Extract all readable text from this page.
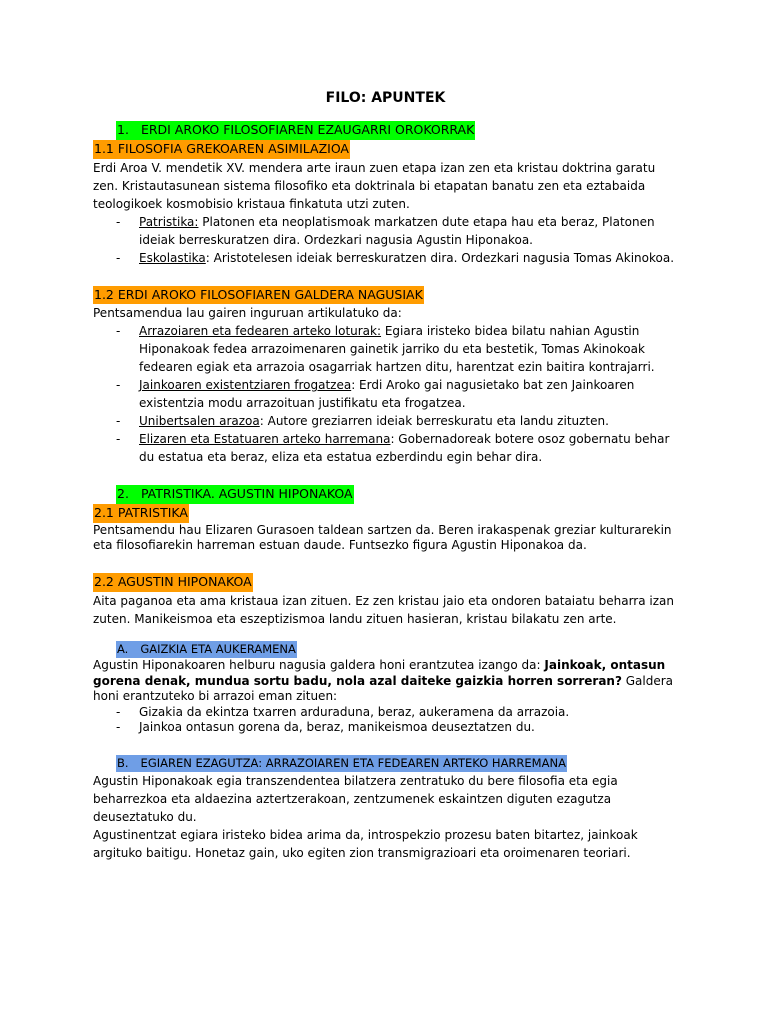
FILO: APUNTEK
1. ERDI AROKO FILOSOFIAREN EZAUGARRI OROKORRAK
1.1 FILOSOFIA GREKOAREN ASIMILAZIOA

Erdi Aroa V. mendetik XV. mendera arte iraun zuen etapa izan zen eta kristau doktrina garatu zen. Kristautasunean sistema filosofiko eta doktrinala bi etapatan banatu zen eta eztabaida teologikoek kosmobisio kristaua finkatuta utzi zuten.

- Patristika: Platonen eta neoplatismoak markatzen dute etapa hau eta beraz, Platonen ideiak berreskuratzen dira. Ordezkari nagusia Agustin Hiponakoa.
- Eskolastika: Aristotelesen ideiak berreskuratzen dira. Ordezkari nagusia Tomas Akinokoa.
1.2 ERDI AROKO FILOSOFIAREN GALDERA NAGUSIAK

Pentsamendua lau gairen inguruan artikulatuko da:

- Arrazoiaren eta fedearen arteko loturak: Egiara iristeko bidea bilatu nahian Agustin Hiponakoak fedea arrazoimenaren gainetik jarriko du eta bestetik, Tomas Akinokoak fedearen egiak eta arrazoia osagarriak hartzen ditu, harentzat ezin baitira kontrajarri.
- Jainkoaren existentziaren frogatzea: Erdi Aroko gai nagusietako bat zen Jainkoaren existentzia modu arrazoituan justifikatu eta frogatzea.
- Unibertsalen arazoa: Autore greziarren ideiak berreskuratu eta landu zituzten.
- Elizaren eta Estatuaren arteko harremana: Gobernadoreak botere osoz gobernatu behar du estatua eta beraz, eliza eta estatua ezberdindu egin behar dira.
2. PATRISTIKA. AGUSTIN HIPONAKOA
2.1 PATRISTIKA

Pentsamendu hau Elizaren Gurasoen taldean sartzen da. Beren irakaspenak greziar kulturarekin eta filosofiarekin harreman estuan daude. Funtsezko figura Agustin Hiponakoa da.

2.2 AGUSTIN HIPONAKOA

Aita paganoa eta ama kristaua izan zituen. Ez zen kristau jaio eta ondoren bataiatu beharra izan zuten. Manikeismoa eta eszeptizismoa landu zituen hasieran, kristau bilakatu zen arte.

A. GAIZKIA ETA AUKERAMENA

Agustin Hiponakoaren helburu nagusia galdera honi erantzutea izango da: Jainkoak, ontasun gorena denak, mundua sortu badu, nola azal daiteke gaizkia horren sorreran? Galdera honi erantzuteko bi arrazoi eman zituen:

- Gizakia da ekintza txarren arduraduna, beraz, aukeramena da arrazoia.
- Jainkoa ontasun gorena da, beraz, manikeismoa deuseztatzen du.
B. EGIAREN EZAGUTZA: ARRAZOIAREN ETA FEDEAREN ARTEKO HARREMANA

Agustin Hiponakoak egia transzendentea bilatzera zentratuko du bere filosofia eta egia beharrezkoa eta aldaezina aztertzerakoan, zentzumenek eskaintzen diguten ezagutza deuseztatuko du.

Agustinentzat egiara iristeko bidea arima da, introspekzio prozesu baten bitartez, jainkoak argituko baitigu. Honetaz gain, uko egiten zion transmigrazioari eta oroimenaren teoriari.
